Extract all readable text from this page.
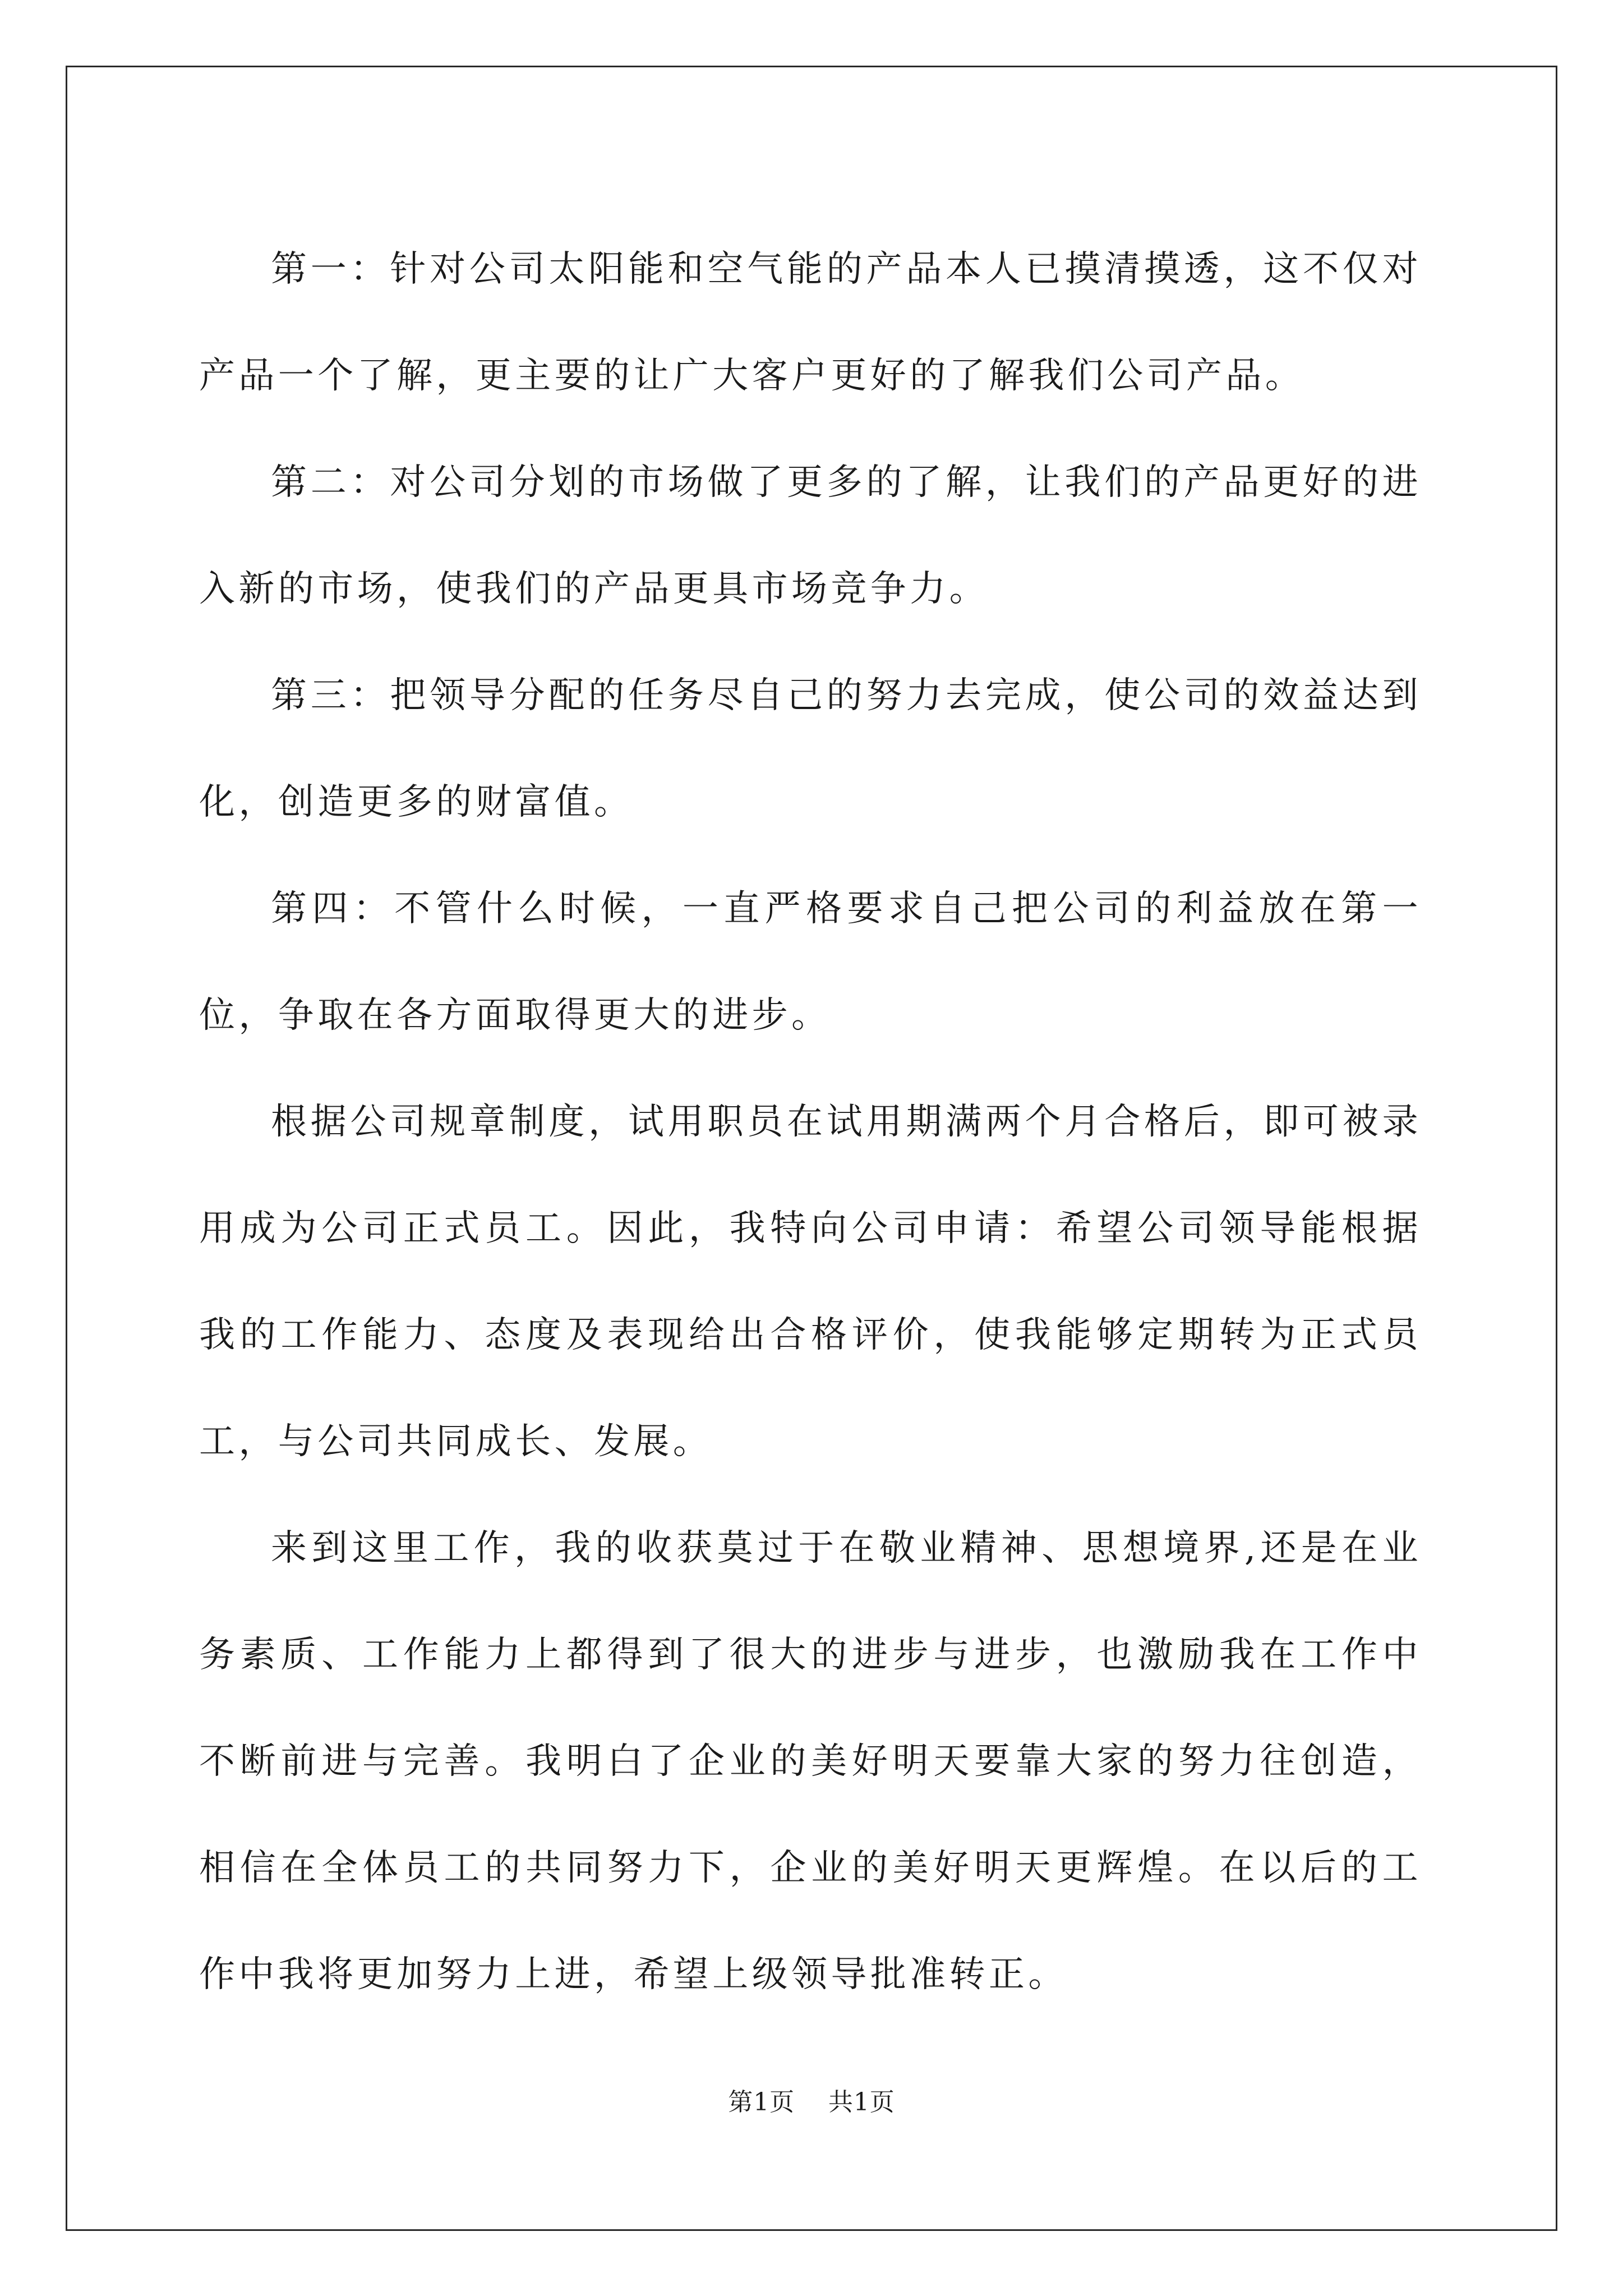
第一：针对公司太阳能和空气能的产品本人已摸清摸透，这不仅对产品一个了解，更主要的让广大客户更好的了解我们公司产品。

第二：对公司分划的市场做了更多的了解，让我们的产品更好的进入新的市场，使我们的产品更具市场竞争力。

第三：把领导分配的任务尽自己的努力去完成，使公司的效益达到化，创造更多的财富值。

第四：不管什么时候，一直严格要求自己把公司的利益放在第一位，争取在各方面取得更大的进步。

根据公司规章制度，试用职员在试用期满两个月合格后，即可被录用成为公司正式员工。因此，我特向公司申请：希望公司领导能根据我的工作能力、态度及表现给出合格评价，使我能够定期转为正式员工，与公司共同成长、发展。

来到这里工作，我的收获莫过于在敬业精神、思想境界,还是在业务素质、工作能力上都得到了很大的进步与进步，也激励我在工作中不断前进与完善。我明白了企业的美好明天要靠大家的努力往创造，相信在全体员工的共同努力下，企业的美好明天更辉煌。在以后的工作中我将更加努力上进，希望上级领导批准转正。

第1页 共1页
